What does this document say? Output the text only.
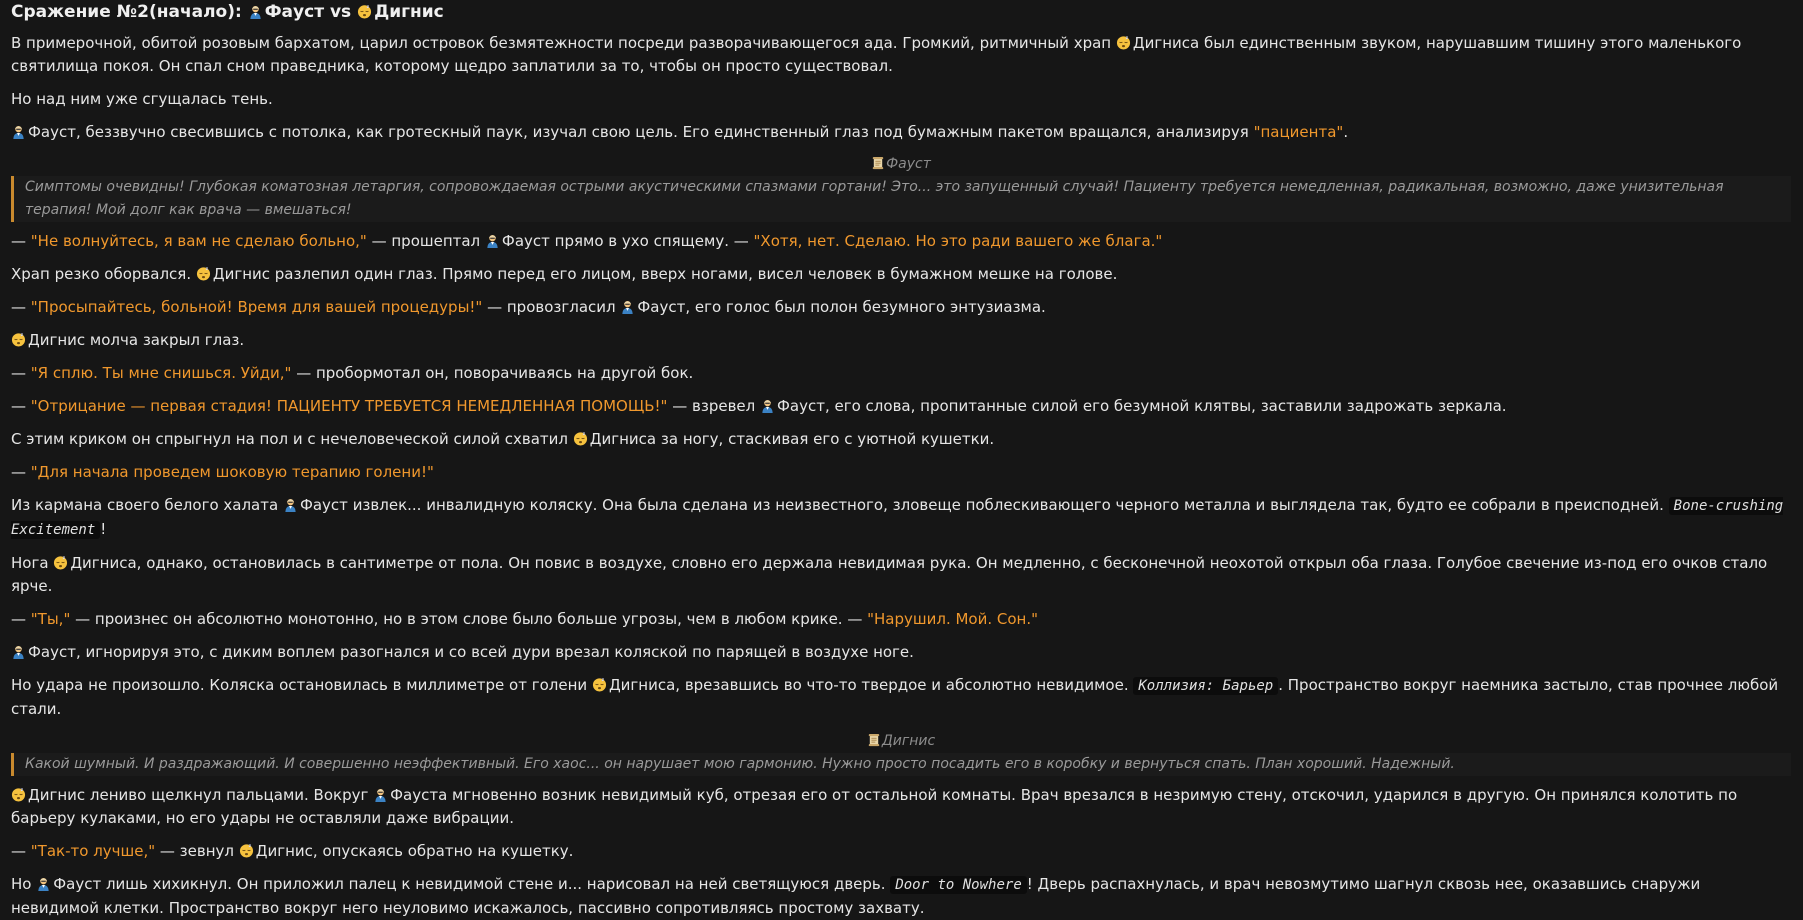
Сражение №2(начало):
Фауст vs z Дигнис
В примерочной, обитой розовым бархатом, царил островок безмятежности посреди разворачивающегося ада. Громкий, ритмичный храп	z Дигниса был единственным звуком, нарушавшим тишину этого маленького святилища покоя. Он спал сном праведника, которому щедро заплатили за то, чтобы он просто существовал.
Но над ним уже сгущалась тень.
Фауст, беззвучно свесившись с потолка, как гротескный паук, изучал свою цель. Его единственный глаз под бумажным пакетом вращался, анализируя "пациента".
Фауст
Симптомы очевидны! Глубокая коматозная летаргия, сопровождаемая острыми акустическими спазмами гортани! Это... это запущенный случай! Пациенту требуется немедленная, радикальная, возможно, даже унизительная терапия! Мой долг как врача — вмешаться!
— "Не волнуйтесь, я вам не сделаю больно," — прошептал
Фауст прямо в ухо спящему. — "Хотя, нет. Сделаю. Но это ради вашего же блага."
Храп резко оборвался. z Дигнис разлепил один глаз. Прямо перед его лицом, вверх ногами, висел человек в бумажном мешке на голове.
— "Просыпайтесь, больной! Время для вашей процедуры!" — провозгласил
Фауст, его голос был полон безумного энтузиазма.
z Дигнис молча закрыл глаз.
— "Я сплю. Ты мне снишься. Уйди," — пробормотал он, поворачиваясь на другой бок.
— "Отрицание — первая стадия! ПАЦИЕНТУ ТРЕБУЕТСЯ НЕМЕДЛЕННАЯ ПОМОЩЬ!" — взревел
Фауст, его слова, пропитанные силой его безумной клятвы, заставили задрожать зеркала.
С этим криком он спрыгнул на пол и с нечеловеческой силой схватил z Дигниса за ногу, стаскивая его с уютной кушетки.
— "Для начала проведем шоковую терапию голени!"
Из кармана своего белого халата
Фауст извлек... инвалидную коляску. Она была сделана из неизвестного, зловеще поблескивающего черного металла и выглядела так, будто ее собрали в преисподней. Bone-crushing Excitement !
Нога z Дигниса, однако, остановилась в сантиметре от пола. Он повис в воздухе, словно его держала невидимая рука. Он медленно, с бесконечной неохотой открыл оба глаза. Голубое свечение из-под его очков стало ярче.
— "Ты," — произнес он абсолютно монотонно, но в этом слове было больше угрозы, чем в любом крике. — "Нарушил. Мой. Сон."
Фауст, игнорируя это, с диким воплем разогнался и со всей дури врезал коляской по парящей в воздухе ноге.
Но удара не произошло. Коляска остановилась в миллиметре от голени z Дигниса, врезавшись во что-то твердое и абсолютно невидимое. Коллизия: Барьер . Пространство вокруг наемника застыло, став прочнее любой стали.
Дигнис
Какой шумный. И раздражающий. И совершенно неэффективный. Его хаос... он нарушает мою гармонию. Нужно просто посадить его в коробку и вернуться спать. План хороший. Надежный.
z Дигнис лениво щелкнул пальцами. Вокруг
Фауста мгновенно возник невидимый куб, отрезая его от остальной комнаты. Врач врезался в незримую стену, отскочил, ударился в другую. Он принялся колотить по барьеру кулаками, но его удары не оставляли даже вибрации.
— "Так-то лучше," — зевнул z Дигнис, опускаясь обратно на кушетку.
Но
Фауст лишь хихикнул. Он приложил палец к невидимой стене и... нарисовал на ней светящуюся дверь. Door to Nowhere ! Дверь распахнулась, и врач невозмутимо шагнул сквозь нее, оказавшись снаружи невидимой клетки. Пространство вокруг него неуловимо искажалось, пассивно сопротивляясь простому захвату.
